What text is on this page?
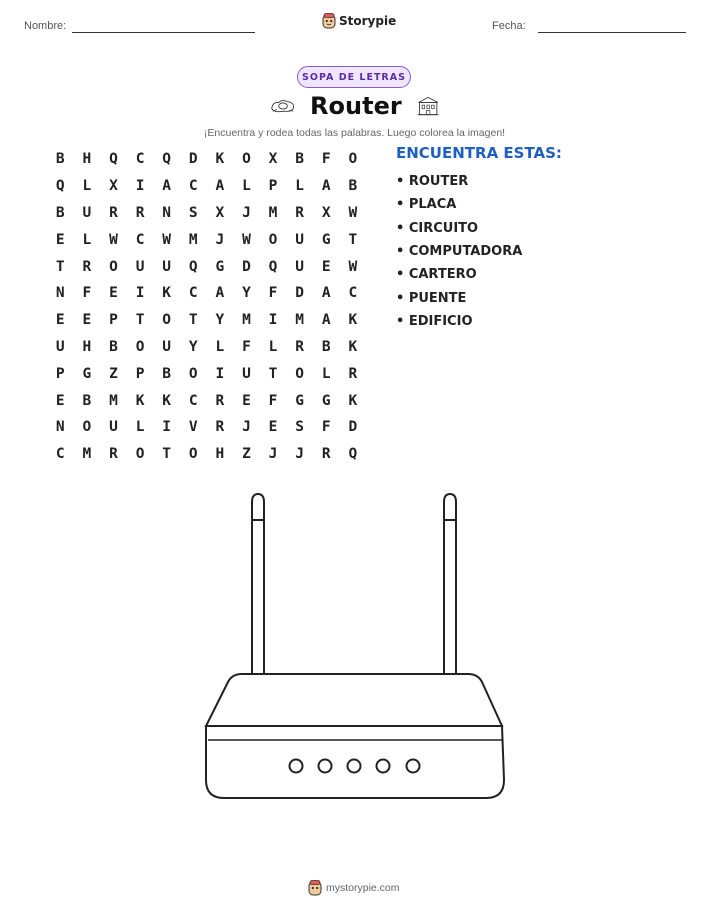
Nombre:	Storypie	Fecha:
SOPA DE LETRAS
Router
¡Encuentra y rodea todas las palabras. Luego colorea la imagen!
B	H	Q	C	Q	D	K	O	X	B	F	O
Q	L	X	I	A	C	A	L	P	L	A	B
B	U	R	R	N	S	X	J	M	R	X	W
E	L	W	C	W	M	J	W	O	U	G	T
T	R	O	U	U	Q	G	D	Q	U	E	W
N	F	E	I	K	C	A	Y	F	D	A	C
E	E	P	T	O	T	Y	M	I	M	A	K
U	H	B	O	U	Y	L	F	L	R	B	K
P	G	Z	P	B	O	I	U	T	O	L	R
E	B	M	K	K	C	R	E	F	G	G	K
N	O	U	L	I	V	R	J	E	S	F	D
C	M	R	O	T	O	H	Z	J	J	R	Q
ENCUENTRA ESTAS:
• ROUTER
• PLACA
• CIRCUITO
• COMPUTADORA
• CARTERO
• PUENTE
• EDIFICIO
mystorypie.com
